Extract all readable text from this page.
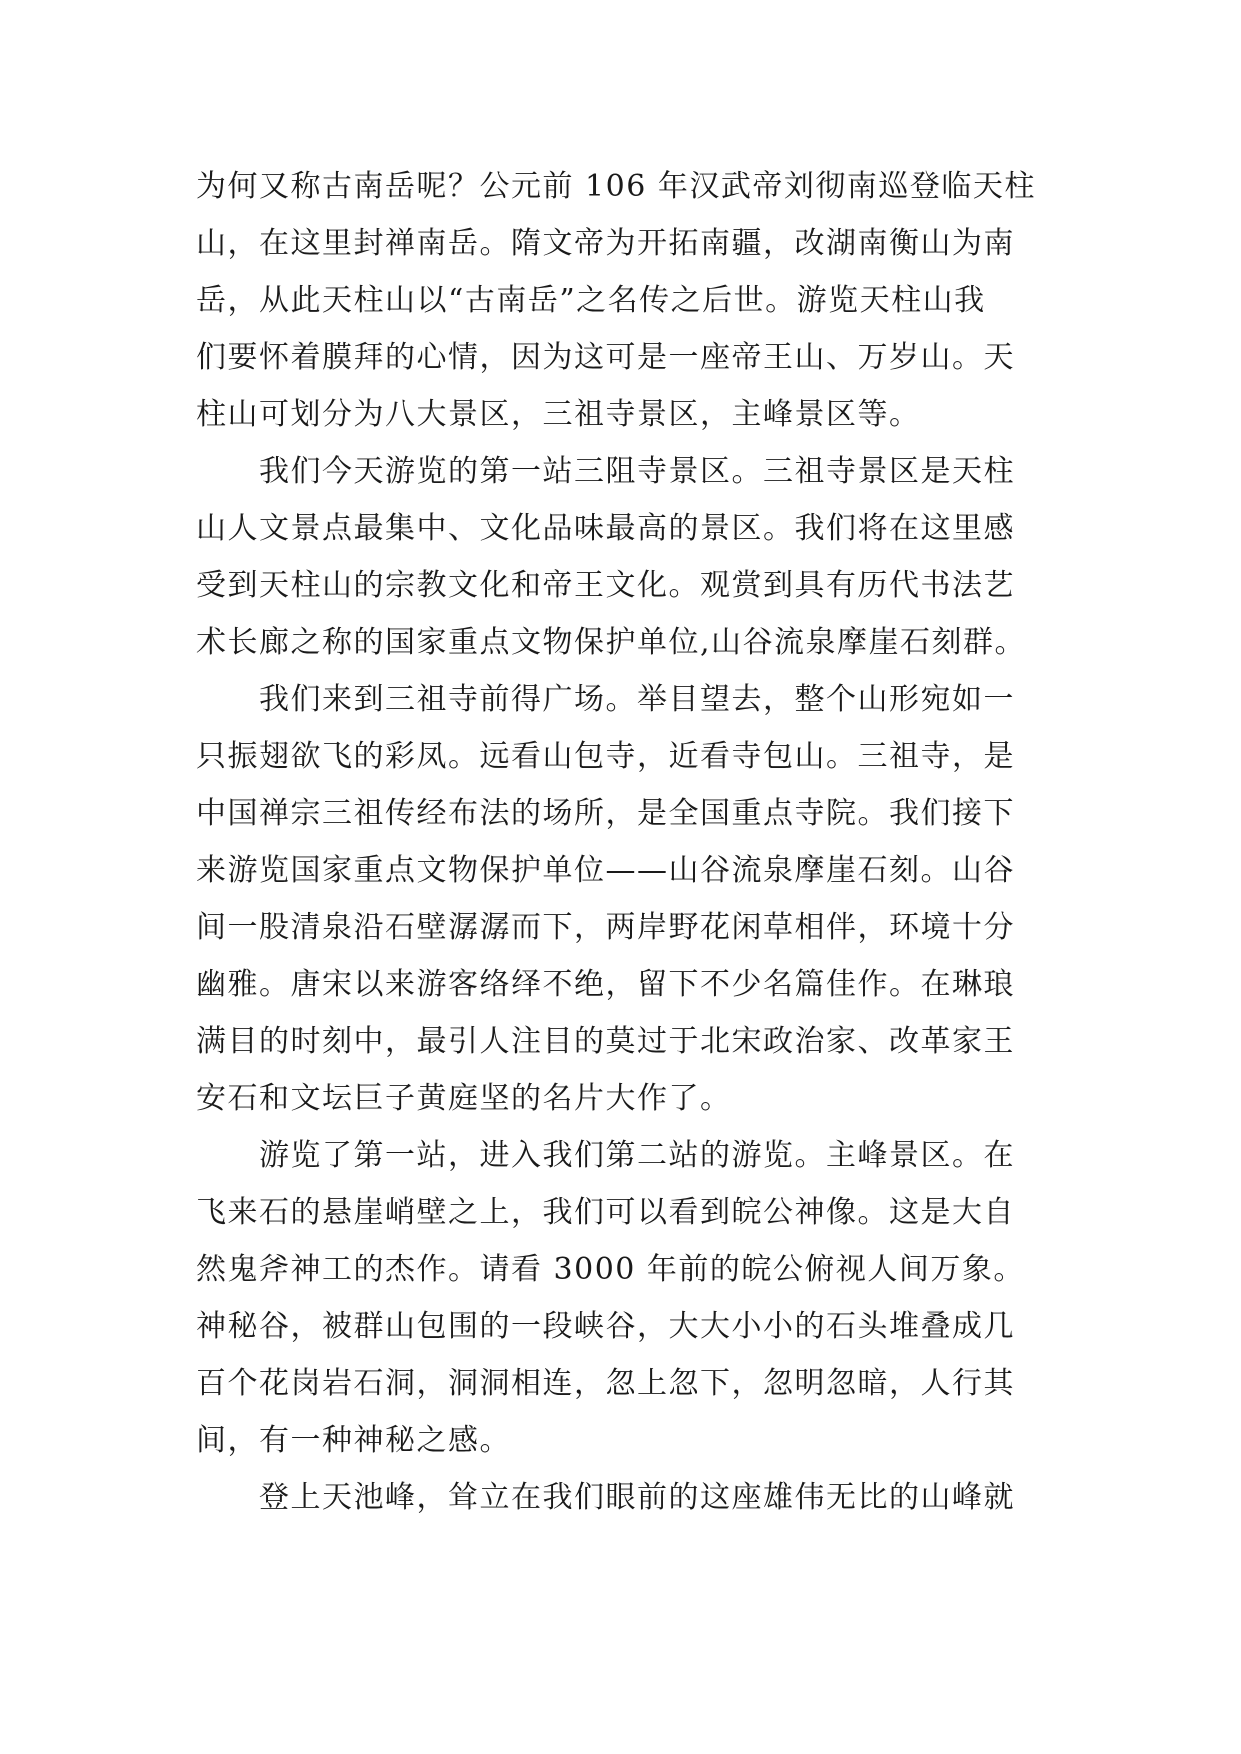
为何又称古南岳呢？公元前 106 年汉武帝刘彻南巡登临天柱
山，在这里封禅南岳。隋文帝为开拓南疆，改湖南衡山为南
岳，从此天柱山以“古南岳”之名传之后世。游览天柱山我
们要怀着膜拜的心情，因为这可是一座帝王山、万岁山。天
柱山可划分为八大景区，三祖寺景区，主峰景区等。
　　我们今天游览的第一站三阻寺景区。三祖寺景区是天柱
山人文景点最集中、文化品味最高的景区。我们将在这里感
受到天柱山的宗教文化和帝王文化。观赏到具有历代书法艺
术长廊之称的国家重点文物保护单位,山谷流泉摩崖石刻群。
　　我们来到三祖寺前得广场。举目望去，整个山形宛如一
只振翅欲飞的彩凤。远看山包寺，近看寺包山。三祖寺，是
中国禅宗三祖传经布法的场所，是全国重点寺院。我们接下
来游览国家重点文物保护单位——山谷流泉摩崖石刻。山谷
间一股清泉沿石壁潺潺而下，两岸野花闲草相伴，环境十分
幽雅。唐宋以来游客络绎不绝，留下不少名篇佳作。在琳琅
满目的时刻中，最引人注目的莫过于北宋政治家、改革家王
安石和文坛巨子黄庭坚的名片大作了。
　　游览了第一站，进入我们第二站的游览。主峰景区。在
飞来石的悬崖峭壁之上，我们可以看到皖公神像。这是大自
然鬼斧神工的杰作。请看 3000 年前的皖公俯视人间万象。
神秘谷，被群山包围的一段峡谷，大大小小的石头堆叠成几
百个花岗岩石洞，洞洞相连，忽上忽下，忽明忽暗，人行其
间，有一种神秘之感。
　　登上天池峰，耸立在我们眼前的这座雄伟无比的山峰就
